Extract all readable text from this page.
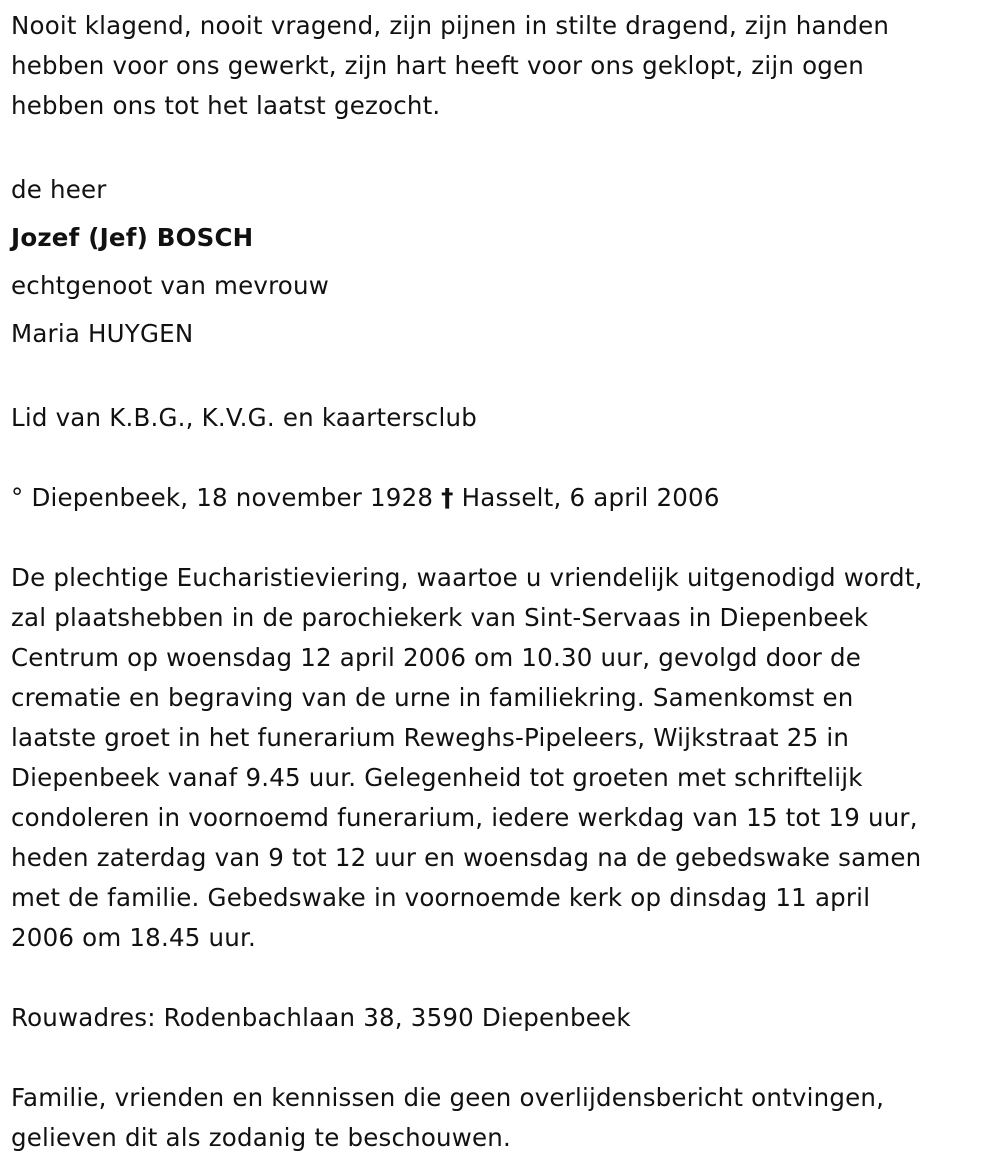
Nooit klagend, nooit vragend, zijn pijnen in stilte dragend, zijn handen
hebben voor ons gewerkt, zijn hart heeft voor ons geklopt, zijn ogen
hebben ons tot het laatst gezocht.

de heer

Jozef (Jef) BOSCH

echtgenoot van mevrouw

Maria HUYGEN

Lid van K.B.G., K.V.G. en kaartersclub

° Diepenbeek, 18 november 1928 † Hasselt, 6 april 2006

De plechtige Eucharistieviering, waartoe u vriendelijk uitgenodigd wordt,
zal plaatshebben in de parochiekerk van Sint-Servaas in Diepenbeek
Centrum op woensdag 12 april 2006 om 10.30 uur, gevolgd door de
crematie en begraving van de urne in familiekring. Samenkomst en
laatste groet in het funerarium Reweghs-Pipeleers, Wijkstraat 25 in
Diepenbeek vanaf 9.45 uur. Gelegenheid tot groeten met schriftelijk
condoleren in voornoemd funerarium, iedere werkdag van 15 tot 19 uur,
heden zaterdag van 9 tot 12 uur en woensdag na de gebedswake samen
met de familie. Gebedswake in voornoemde kerk op dinsdag 11 april
2006 om 18.45 uur.

Rouwadres: Rodenbachlaan 38, 3590 Diepenbeek

Familie, vrienden en kennissen die geen overlijdensbericht ontvingen,
gelieven dit als zodanig te beschouwen.
